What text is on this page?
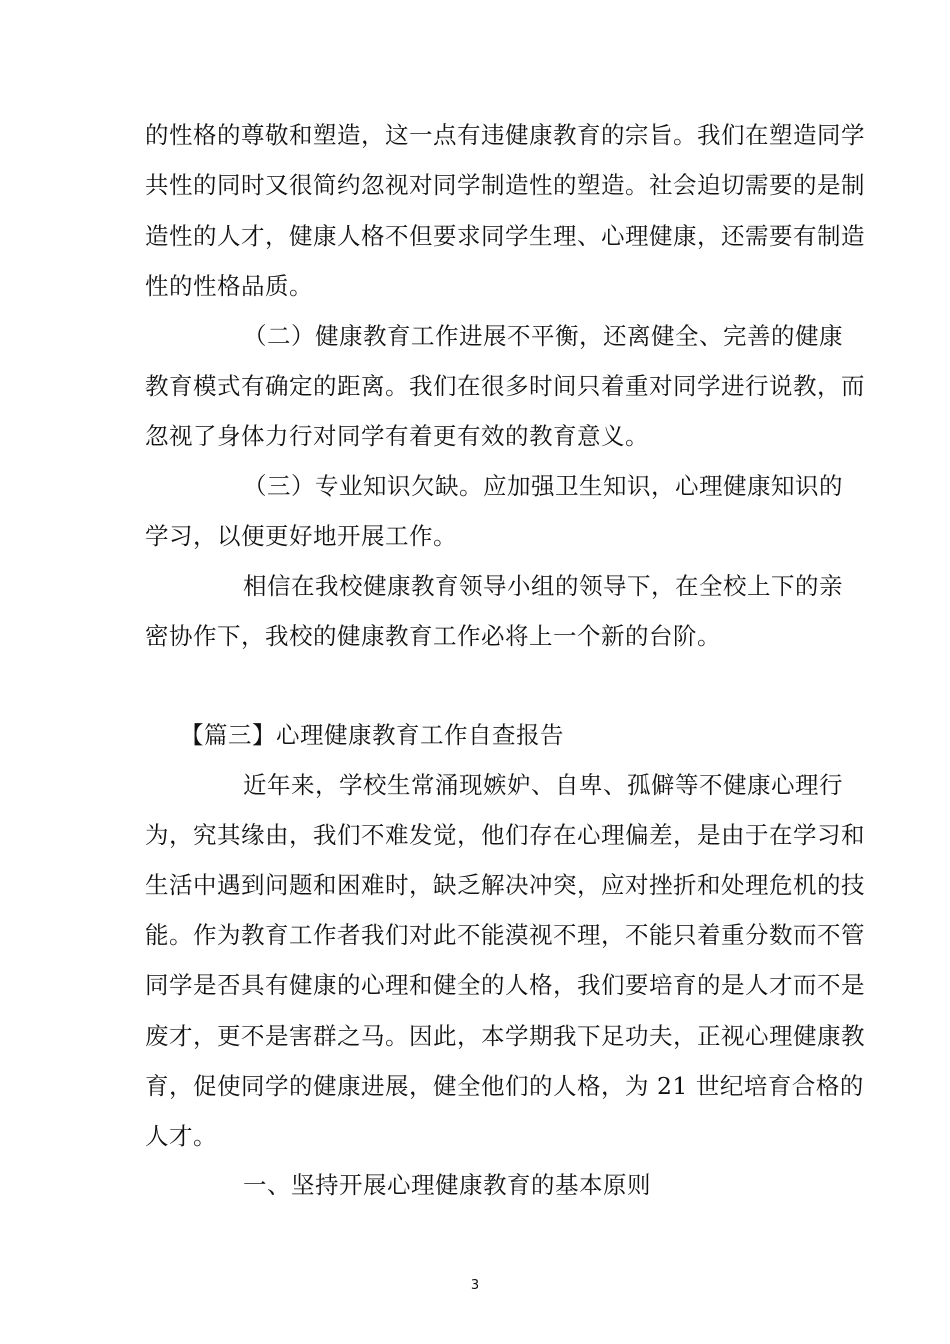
的性格的尊敬和塑造，这一点有违健康教育的宗旨。我们在塑造同学
共性的同时又很简约忽视对同学制造性的塑造。社会迫切需要的是制
造性的人才，健康人格不但要求同学生理、心理健康，还需要有制造
性的性格品质。
（二）健康教育工作进展不平衡，还离健全、完善的健康
教育模式有确定的距离。我们在很多时间只着重对同学进行说教，而
忽视了身体力行对同学有着更有效的教育意义。
（三）专业知识欠缺。应加强卫生知识，心理健康知识的
学习，以便更好地开展工作。
相信在我校健康教育领导小组的领导下，在全校上下的亲
密协作下，我校的健康教育工作必将上一个新的台阶。
【篇三】心理健康教育工作自查报告
近年来，学校生常涌现嫉妒、自卑、孤僻等不健康心理行
为，究其缘由，我们不难发觉，他们存在心理偏差，是由于在学习和
生活中遇到问题和困难时，缺乏解决冲突，应对挫折和处理危机的技
能。作为教育工作者我们对此不能漠视不理，不能只着重分数而不管
同学是否具有健康的心理和健全的人格，我们要培育的是人才而不是
废才，更不是害群之马。因此，本学期我下足功夫，正视心理健康教
育，促使同学的健康进展，健全他们的人格，为 21 世纪培育合格的
人才。
一、坚持开展心理健康教育的基本原则
3
